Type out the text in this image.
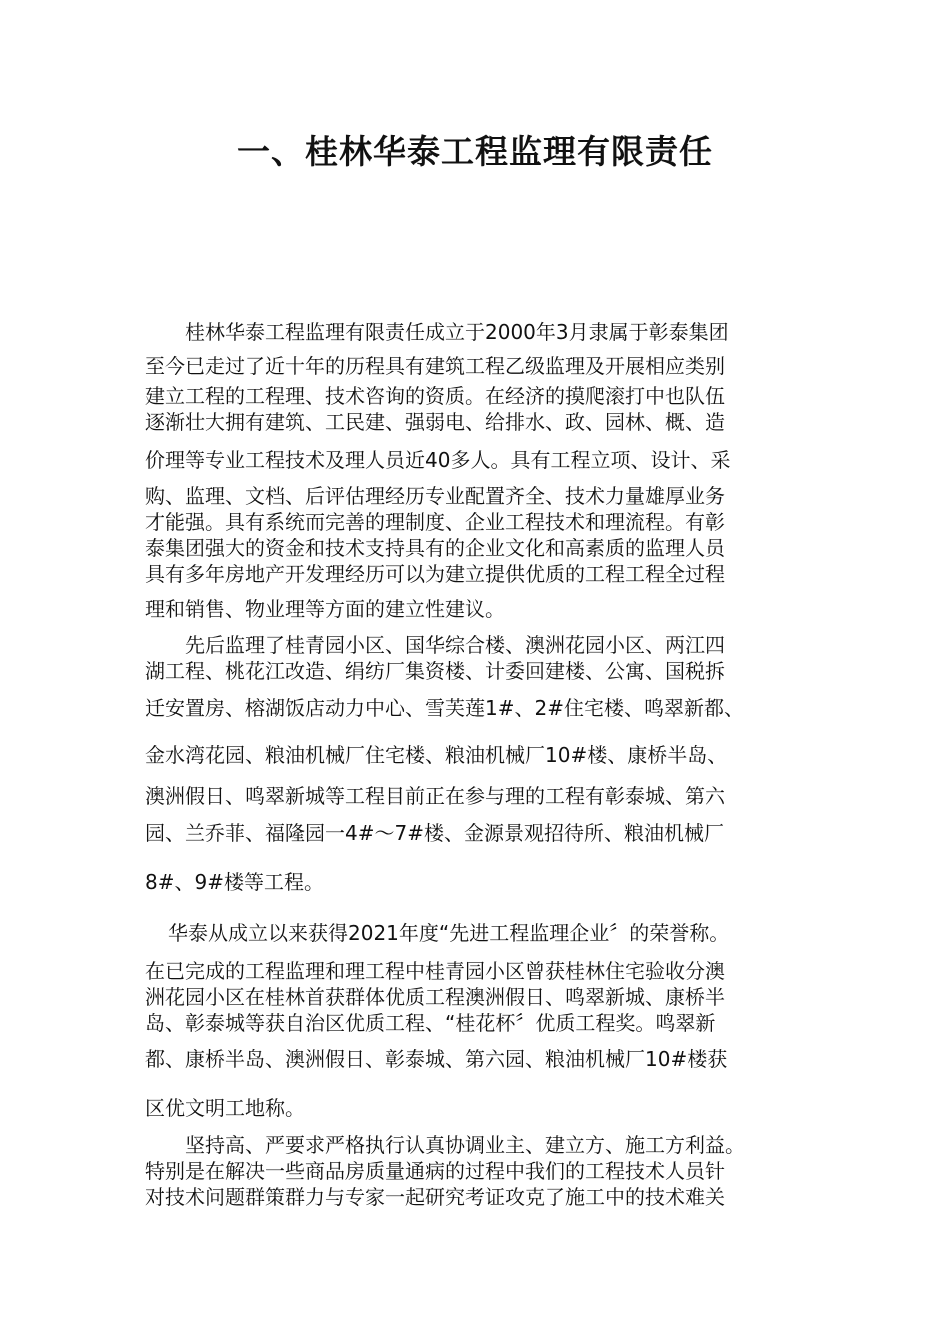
一、桂林华泰工程监理有限责任
桂林华泰工程监理有限责任成立于2000年3月隶属于彰泰集团
至今已走过了近十年的历程具有建筑工程乙级监理及开展相应类别
建立工程的工程理、技术咨询的资质。在经济的摸爬滚打中也队伍
逐渐壮大拥有建筑、工民建、强弱电、给排水、政、园林、概、造
价理等专业工程技术及理人员近40多人。具有工程立项、设计、采
购、监理、文档、后评估理经历专业配置齐全、技术力量雄厚业务
才能强。具有系统而完善的理制度、企业工程技术和理流程。有彰
泰集团强大的资金和技术支持具有的企业文化和高素质的监理人员
具有多年房地产开发理经历可以为建立提供优质的工程工程全过程
理和销售、物业理等方面的建立性建议。
先后监理了桂青园小区、国华综合楼、澳洲花园小区、两江四
湖工程、桃花江改造、绢纺厂集资楼、计委回建楼、公寓、国税拆
迁安置房、榕湖饭店动力中心、雪芙莲1#、2#住宅楼、鸣翠新都、
金水湾花园、粮油机械厂住宅楼、粮油机械厂10#楼、康桥半岛、
澳洲假日、鸣翠新城等工程目前正在参与理的工程有彰泰城、第六
园、兰乔菲、福隆园一4#〜7#楼、金源景观招待所、粮油机械厂
8#、9#楼等工程。
华泰从成立以来获得2021年度“先进工程监理企业〞的荣誉称。
在已完成的工程监理和理工程中桂青园小区曾获桂林住宅验收分澳
洲花园小区在桂林首获群体优质工程澳洲假日、鸣翠新城、康桥半
岛、彰泰城等获自治区优质工程、“桂花杯〞优质工程奖。鸣翠新
都、康桥半岛、澳洲假日、彰泰城、第六园、粮油机械厂10#楼获
区优文明工地称。
坚持高、严要求严格执行认真协调业主、建立方、施工方利益。
特别是在解决一些商品房质量通病的过程中我们的工程技术人员针
对技术问题群策群力与专家一起研究考证攻克了施工中的技术难关
